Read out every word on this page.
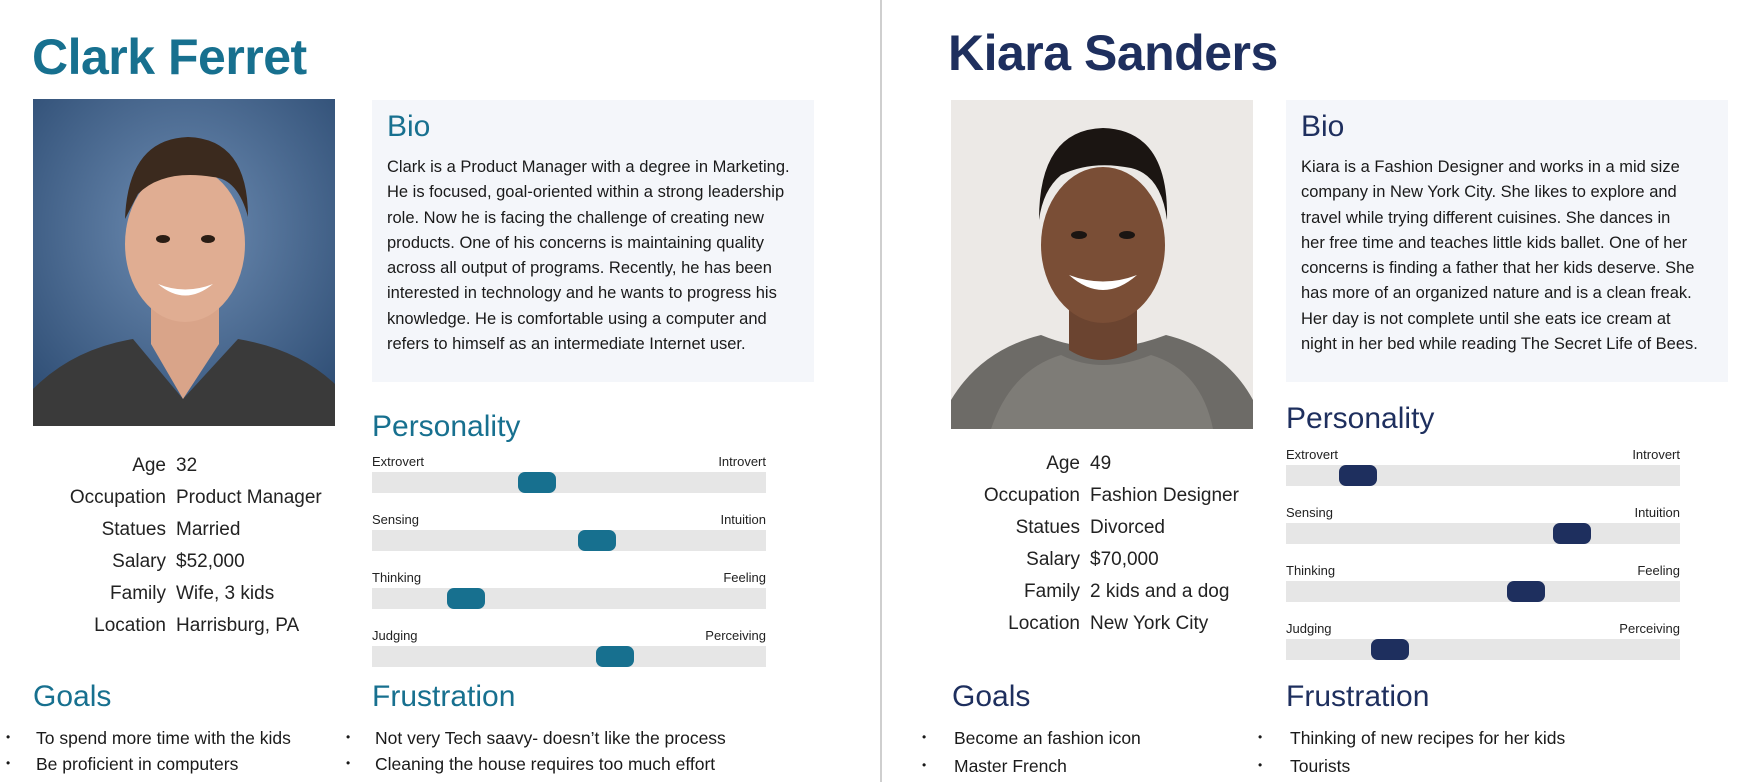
Clark Ferret
Bio

Clark is a Product Manager with a degree in Marketing.
He is focused, goal-oriented within a strong leadership
role. Now he is facing the challenge of creating new
products. One of his concerns is maintaining quality
across all output of programs. Recently, he has been
interested in technology and he wants to progress his
knowledge. He is comfortable using a computer and
refers to himself as an intermediate Internet user.

Age 32
Occupation Product Manager
Statues Married
Salary $52,000
Family Wife, 3 kids
Location Harrisburg, PA
Personality
Extrovert	Introvert
Sensing	Intuition
Thinking	Feeling
Judging	Perceiving
Goals
• To spend more time with the kids
• Be proficient in computers
Frustration
• Not very Tech saavy- doesn’t like the process
• Cleaning the house requires too much effort
Kiara Sanders
Bio

Kiara is a Fashion Designer and works in a mid size
company in New York City. She likes to explore and
travel while trying different cuisines. She dances in
her free time and teaches little kids ballet. One of her
concerns is finding a father that her kids deserve. She
has more of an organized nature and is a clean freak.
Her day is not complete until she eats ice cream at
night in her bed while reading The Secret Life of Bees.

Age 49
Occupation Fashion Designer
Statues Divorced
Salary $70,000
Family 2 kids and a dog
Location New York City
Personality
Extrovert	Introvert
Sensing	Intuition
Thinking	Feeling
Judging	Perceiving
Goals
• Become an fashion icon
• Master French
Frustration
• Thinking of new recipes for her kids
• Tourists
